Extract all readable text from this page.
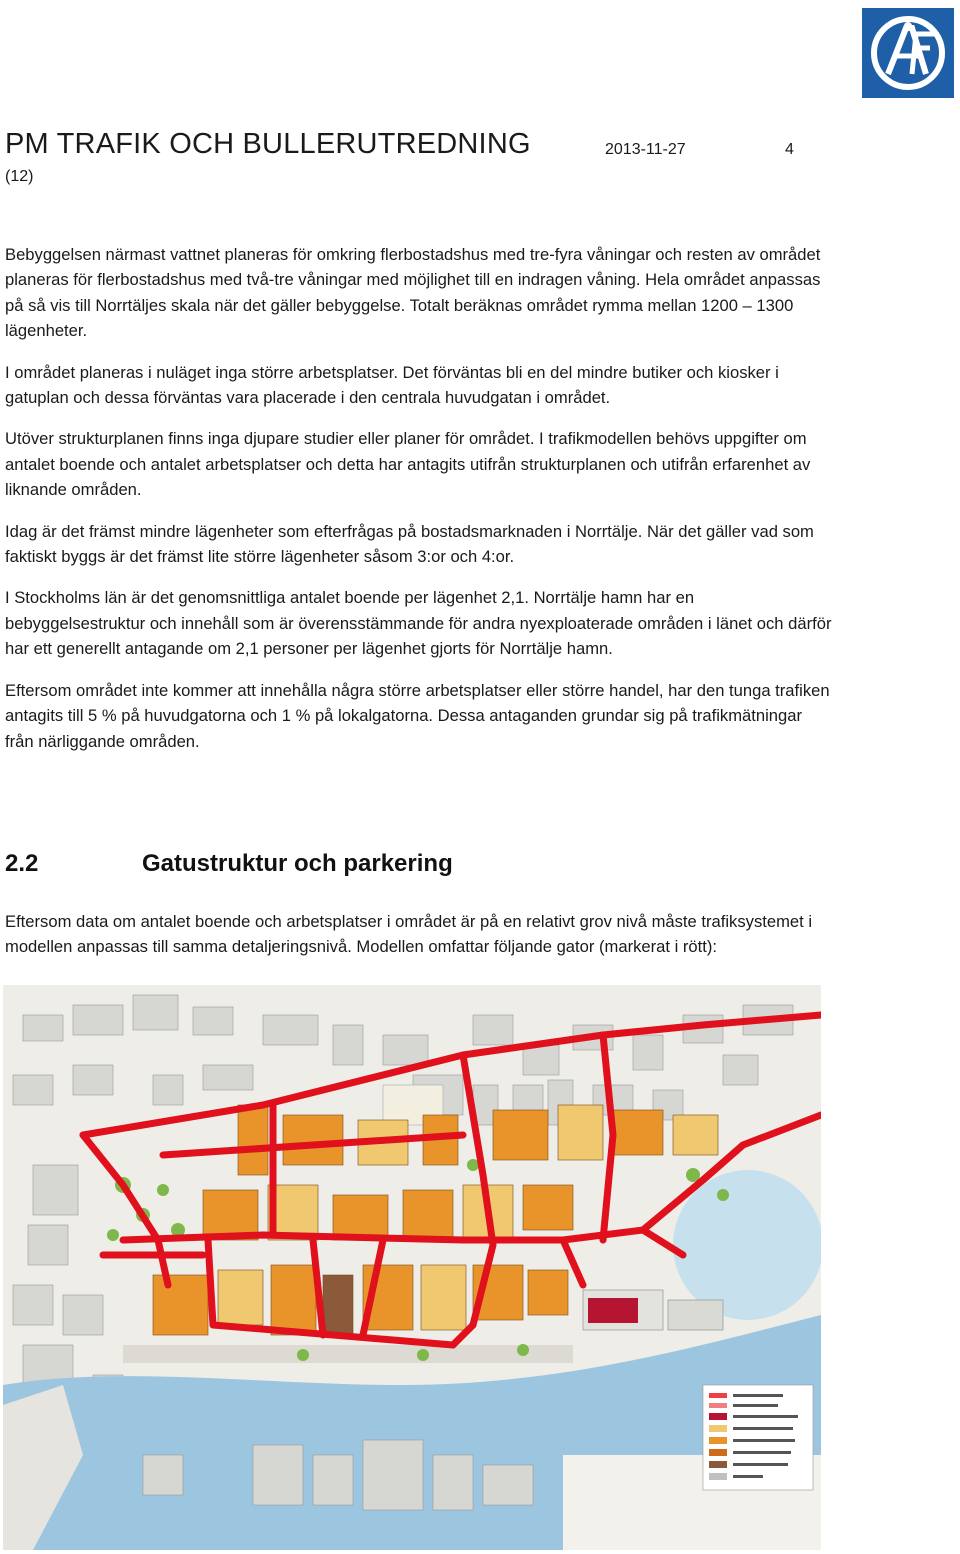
PM TRAFIK OCH BULLERUTREDNING	2013-11-27	4
(12)

Bebyggelsen närmast vattnet planeras för omkring flerbostadshus med tre-fyra våningar och resten av området planeras för flerbostadshus med två-tre våningar med möjlighet till en indragen våning. Hela området anpassas på så vis till Norrtäljes skala när det gäller bebyggelse. Totalt beräknas området rymma mellan 1200 – 1300 lägenheter.

I området planeras i nuläget inga större arbetsplatser. Det förväntas bli en del mindre butiker och kiosker i gatuplan och dessa förväntas vara placerade i den centrala huvudgatan i området.

Utöver strukturplanen finns inga djupare studier eller planer för området. I trafikmodellen behövs uppgifter om antalet boende och antalet arbetsplatser och detta har antagits utifrån strukturplanen och utifrån erfarenhet av liknande områden.

Idag är det främst mindre lägenheter som efterfrågas på bostadsmarknaden i Norrtälje. När det gäller vad som faktiskt byggs är det främst lite större lägenheter såsom 3:or och 4:or.

I Stockholms län är det genomsnittliga antalet boende per lägenhet 2,1. Norrtälje hamn har en bebyggelsestruktur och innehåll som är överensstämmande för andra nyexploaterade områden i länet och därför har ett generellt antagande om 2,1 personer per lägenhet gjorts för Norrtälje hamn.

Eftersom området inte kommer att innehålla några större arbetsplatser eller större handel, har den tunga trafiken antagits till 5 % på huvudgatorna och 1 % på lokalgatorna. Dessa antaganden grundar sig på trafikmätningar från närliggande områden.

2.2	Gatustruktur och parkering

Eftersom data om antalet boende och arbetsplatser i området är på en relativt grov nivå måste trafiksystemet i modellen anpassas till samma detaljeringsnivå. Modellen omfattar följande gator (markerat i rött):
